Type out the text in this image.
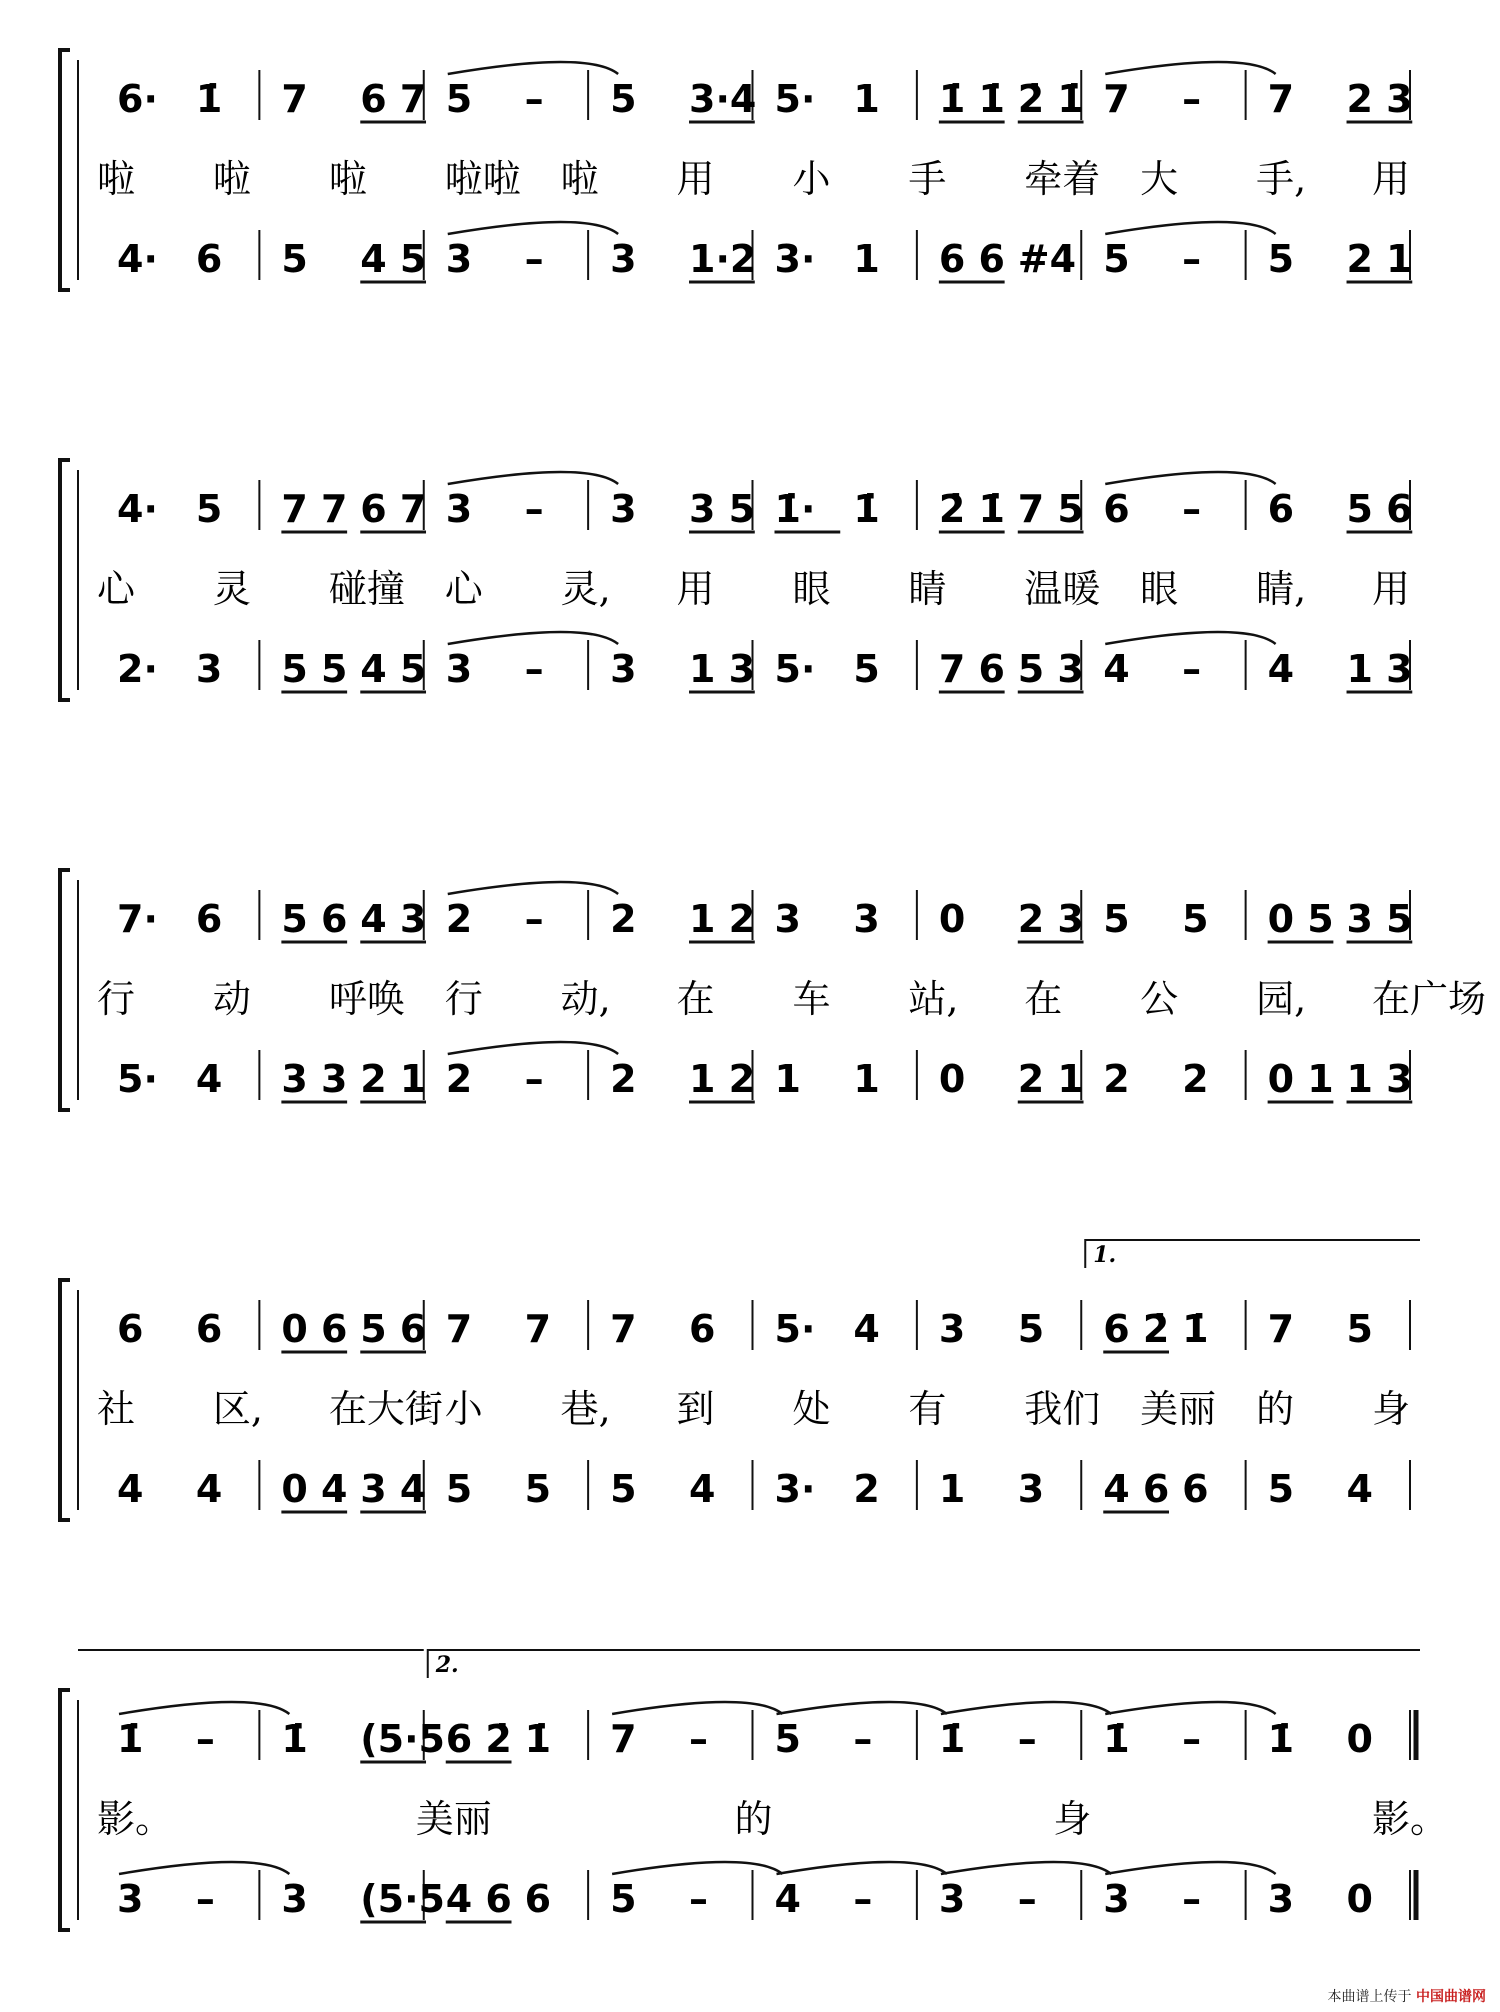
6· 1̇ 7 6 7 5 – 5 3·4 5· 1 1̇ 1̇ 2̇ 1̇ 7 – 7 2 3
4· 6 5 4 5 3 – 3 1·2 3· 1 6 6 #4 5 – 5 2 1
啦 啦 啦 啦啦 啦 用 小 手 牵着 大 手, 用
4· 5 7 7 6 7 3 – 3 3 5 1̇· 1̇ 2̇ 1̇ 7 5 6 – 6 5 6
2· 3 5 5 4 5 3 – 3 1 3 5· 5 7 6 5 3 4 – 4 1 3
心 灵 碰撞 心 灵, 用 眼 睛 温暖 眼 睛, 用
7· 6 5 6 4 3 2 – 2 1 2 3 3 0 2 3 5 5 0 5 3 5
5· 4 3 3 2 1 2 – 2 1 2 1 1 0 2 1 2 2 0 1 1 3
行 动 呼唤 行 动, 在 车 站, 在 公 园, 在广场
6 6 0 6 5 6 7 7 7 6 5· 4 3 5 6 2̇ 1̇ 7 5
4 4 0 4 3 4 5 5 5 4 3· 2 1 3 4 6 6 5 4
社 区, 在大街 小 巷, 到 处 有 我们 美丽 的 身
1̇ – 1̇ (5·5 6 2̇ 1̇ 7 – 5 – 1̇ – 1̇ – 1̇ 0
3 – 3 (5·5 4 6 6 5 – 4 – 3 – 3 – 3 0
影。	美丽	的	身	影。
1.
2.
本曲谱上传于 中国曲谱网
